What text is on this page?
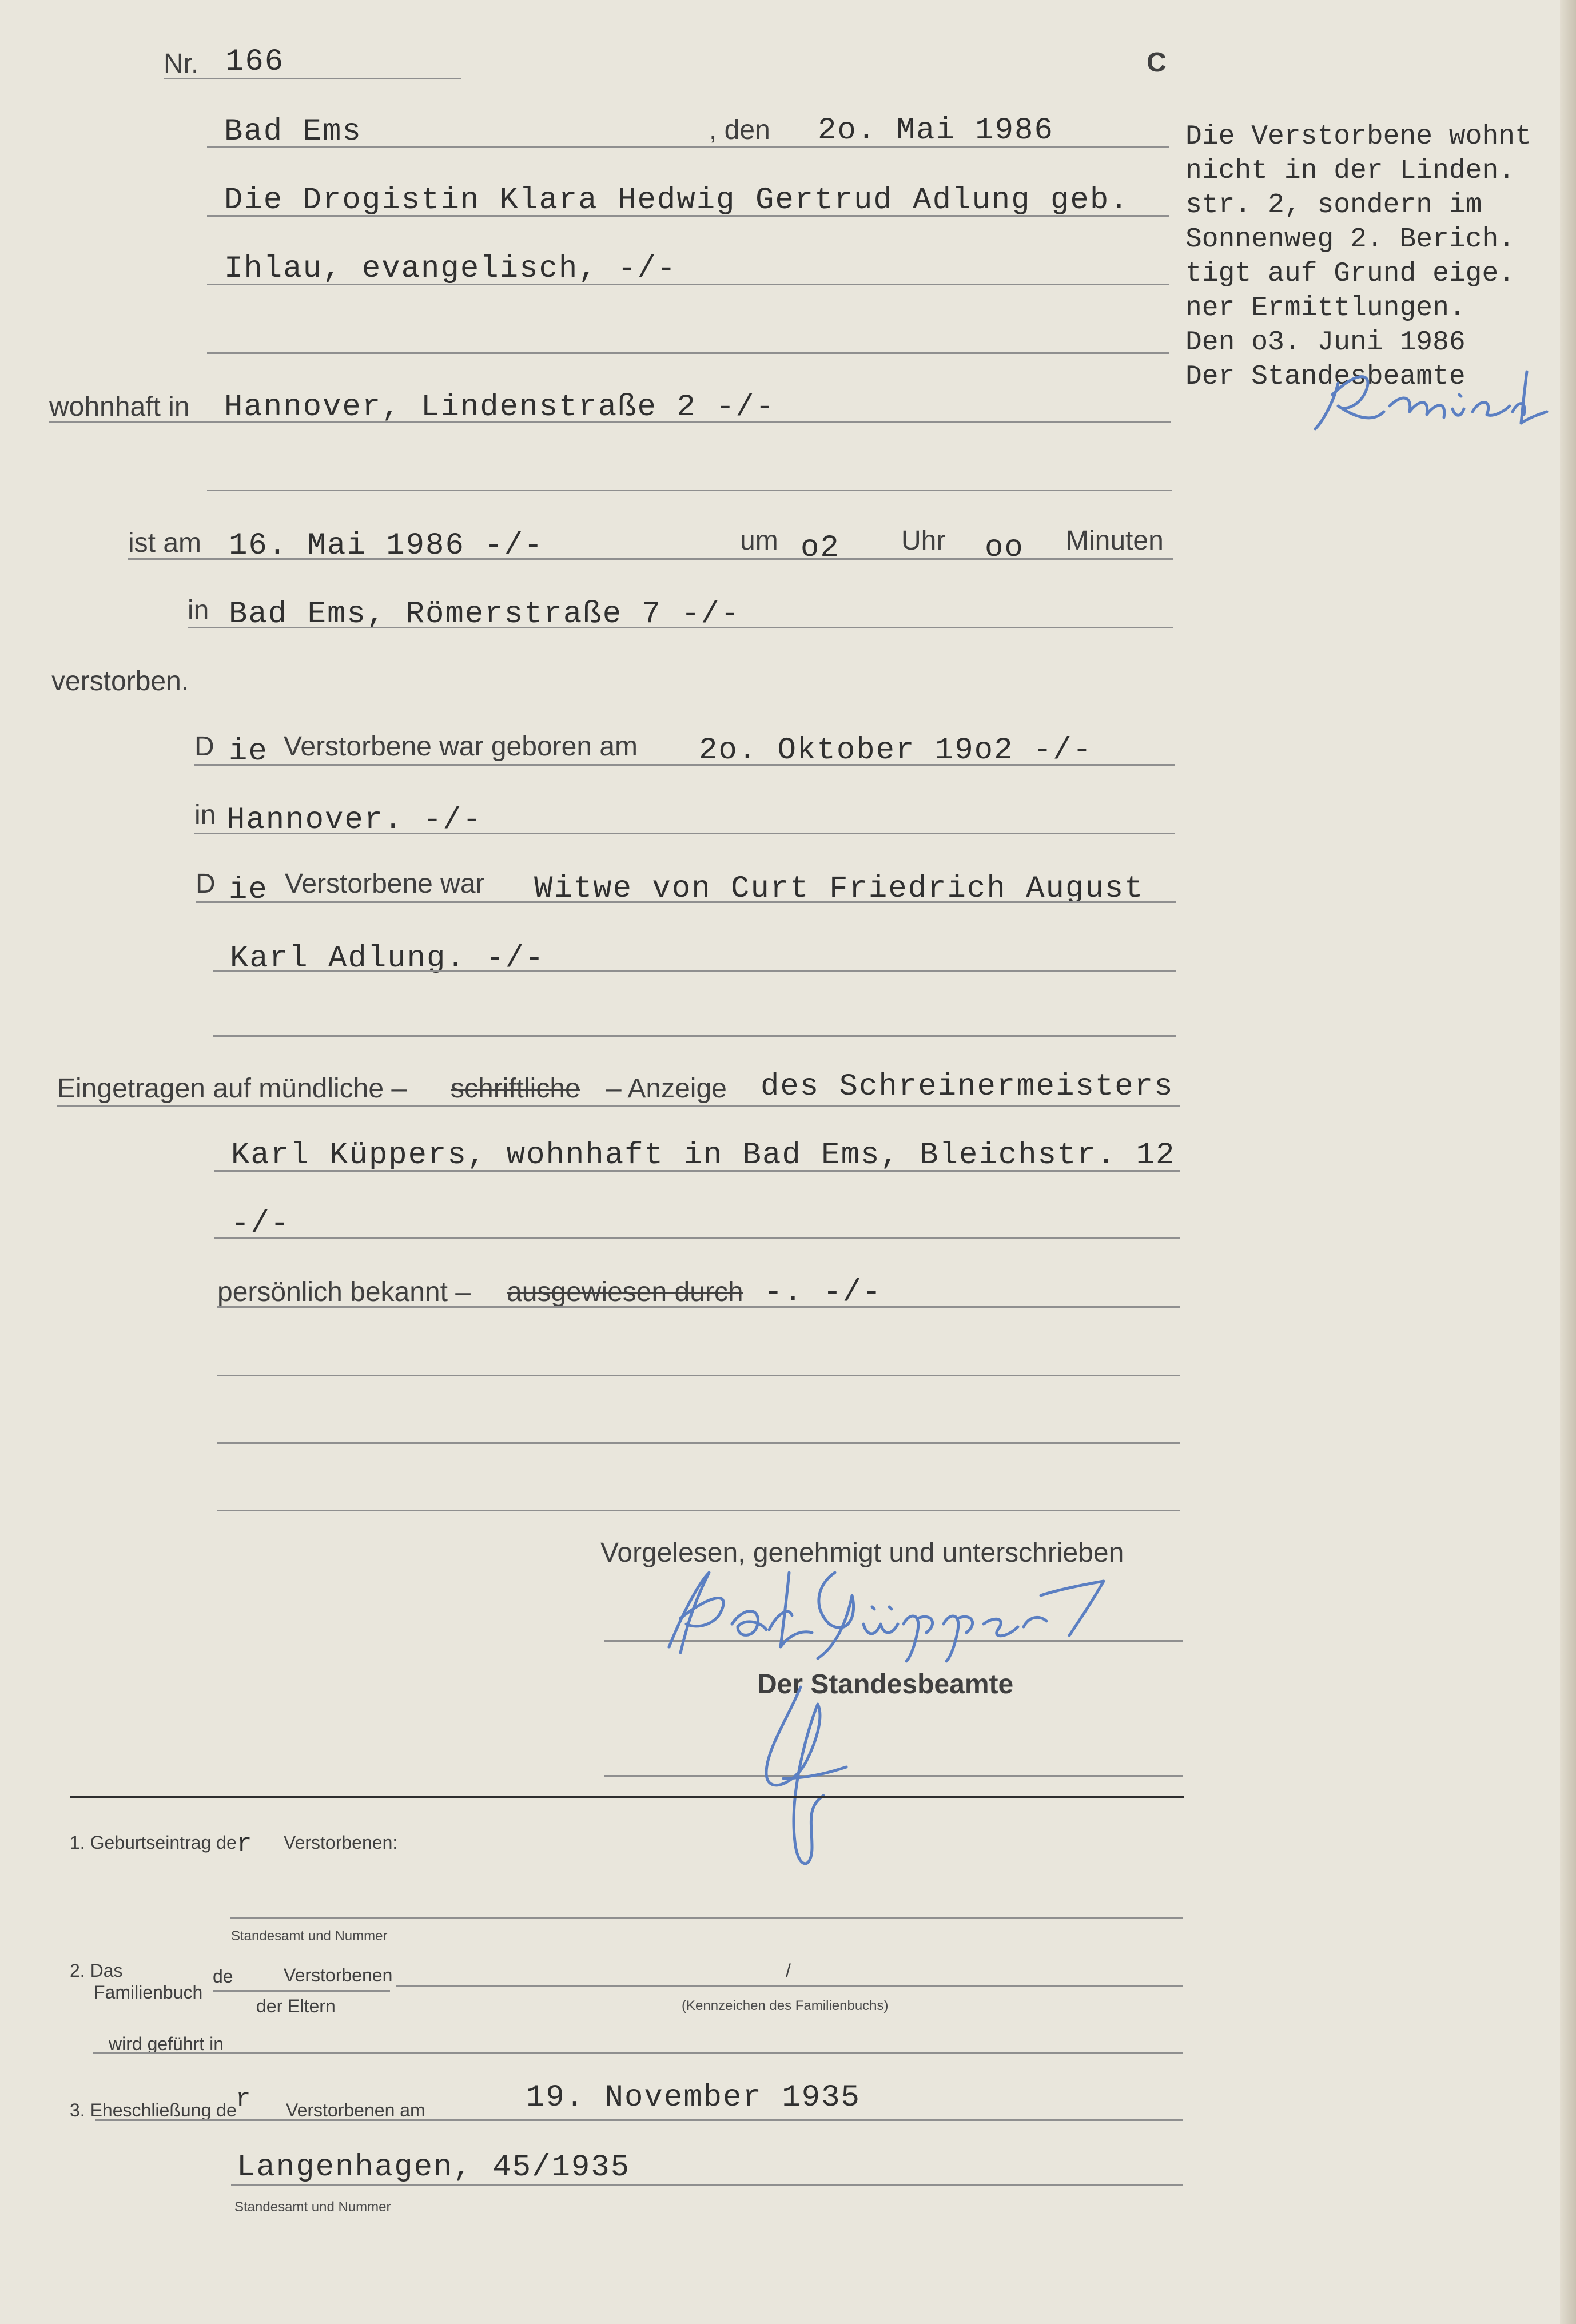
Nr. 166	C
Bad Ems	, den 2o. Mai 1986
Die Drogistin Klara Hedwig Gertrud Adlung geb.
Ihlau, evangelisch, -/-
wohnhaft in Hannover, Lindenstraße 2 -/-
ist am 16. Mai 1986 -/-	um o2 Uhr oo Minuten
in Bad Ems, Römerstraße 7 -/-
verstorben.
D ie Verstorbene war geboren am 2o. Oktober 19o2 -/-
in Hannover. -/-
D ie Verstorbene war Witwe von Curt Friedrich August
Karl Adlung. -/-
Eingetragen auf mündliche – schriftliche – Anzeige des Schreinermeisters
Karl Küppers, wohnhaft in Bad Ems, Bleichstr. 12
-/-
persönlich bekannt – ausgewiesen durch -. -/-
Vorgelesen, genehmigt und unterschrieben
Der Standesbeamte
Die Verstorbene wohnt
nicht in der Linden.
str. 2, sondern im
Sonnenweg 2. Berich.
tigt auf Grund eige.
ner Ermittlungen.
Den o3. Juni 1986
Der Standesbeamte
1. Geburtseintrag de r Verstorbenen:
Standesamt und Nummer
2. Das
Familienbuch
de	Verstorbenen
der Eltern
/
(Kennzeichen des Familienbuchs)
wird geführt in
3. Eheschließung de
r Verstorbenen am	19. November 1935
Langenhagen, 45/1935
Standesamt und Nummer
